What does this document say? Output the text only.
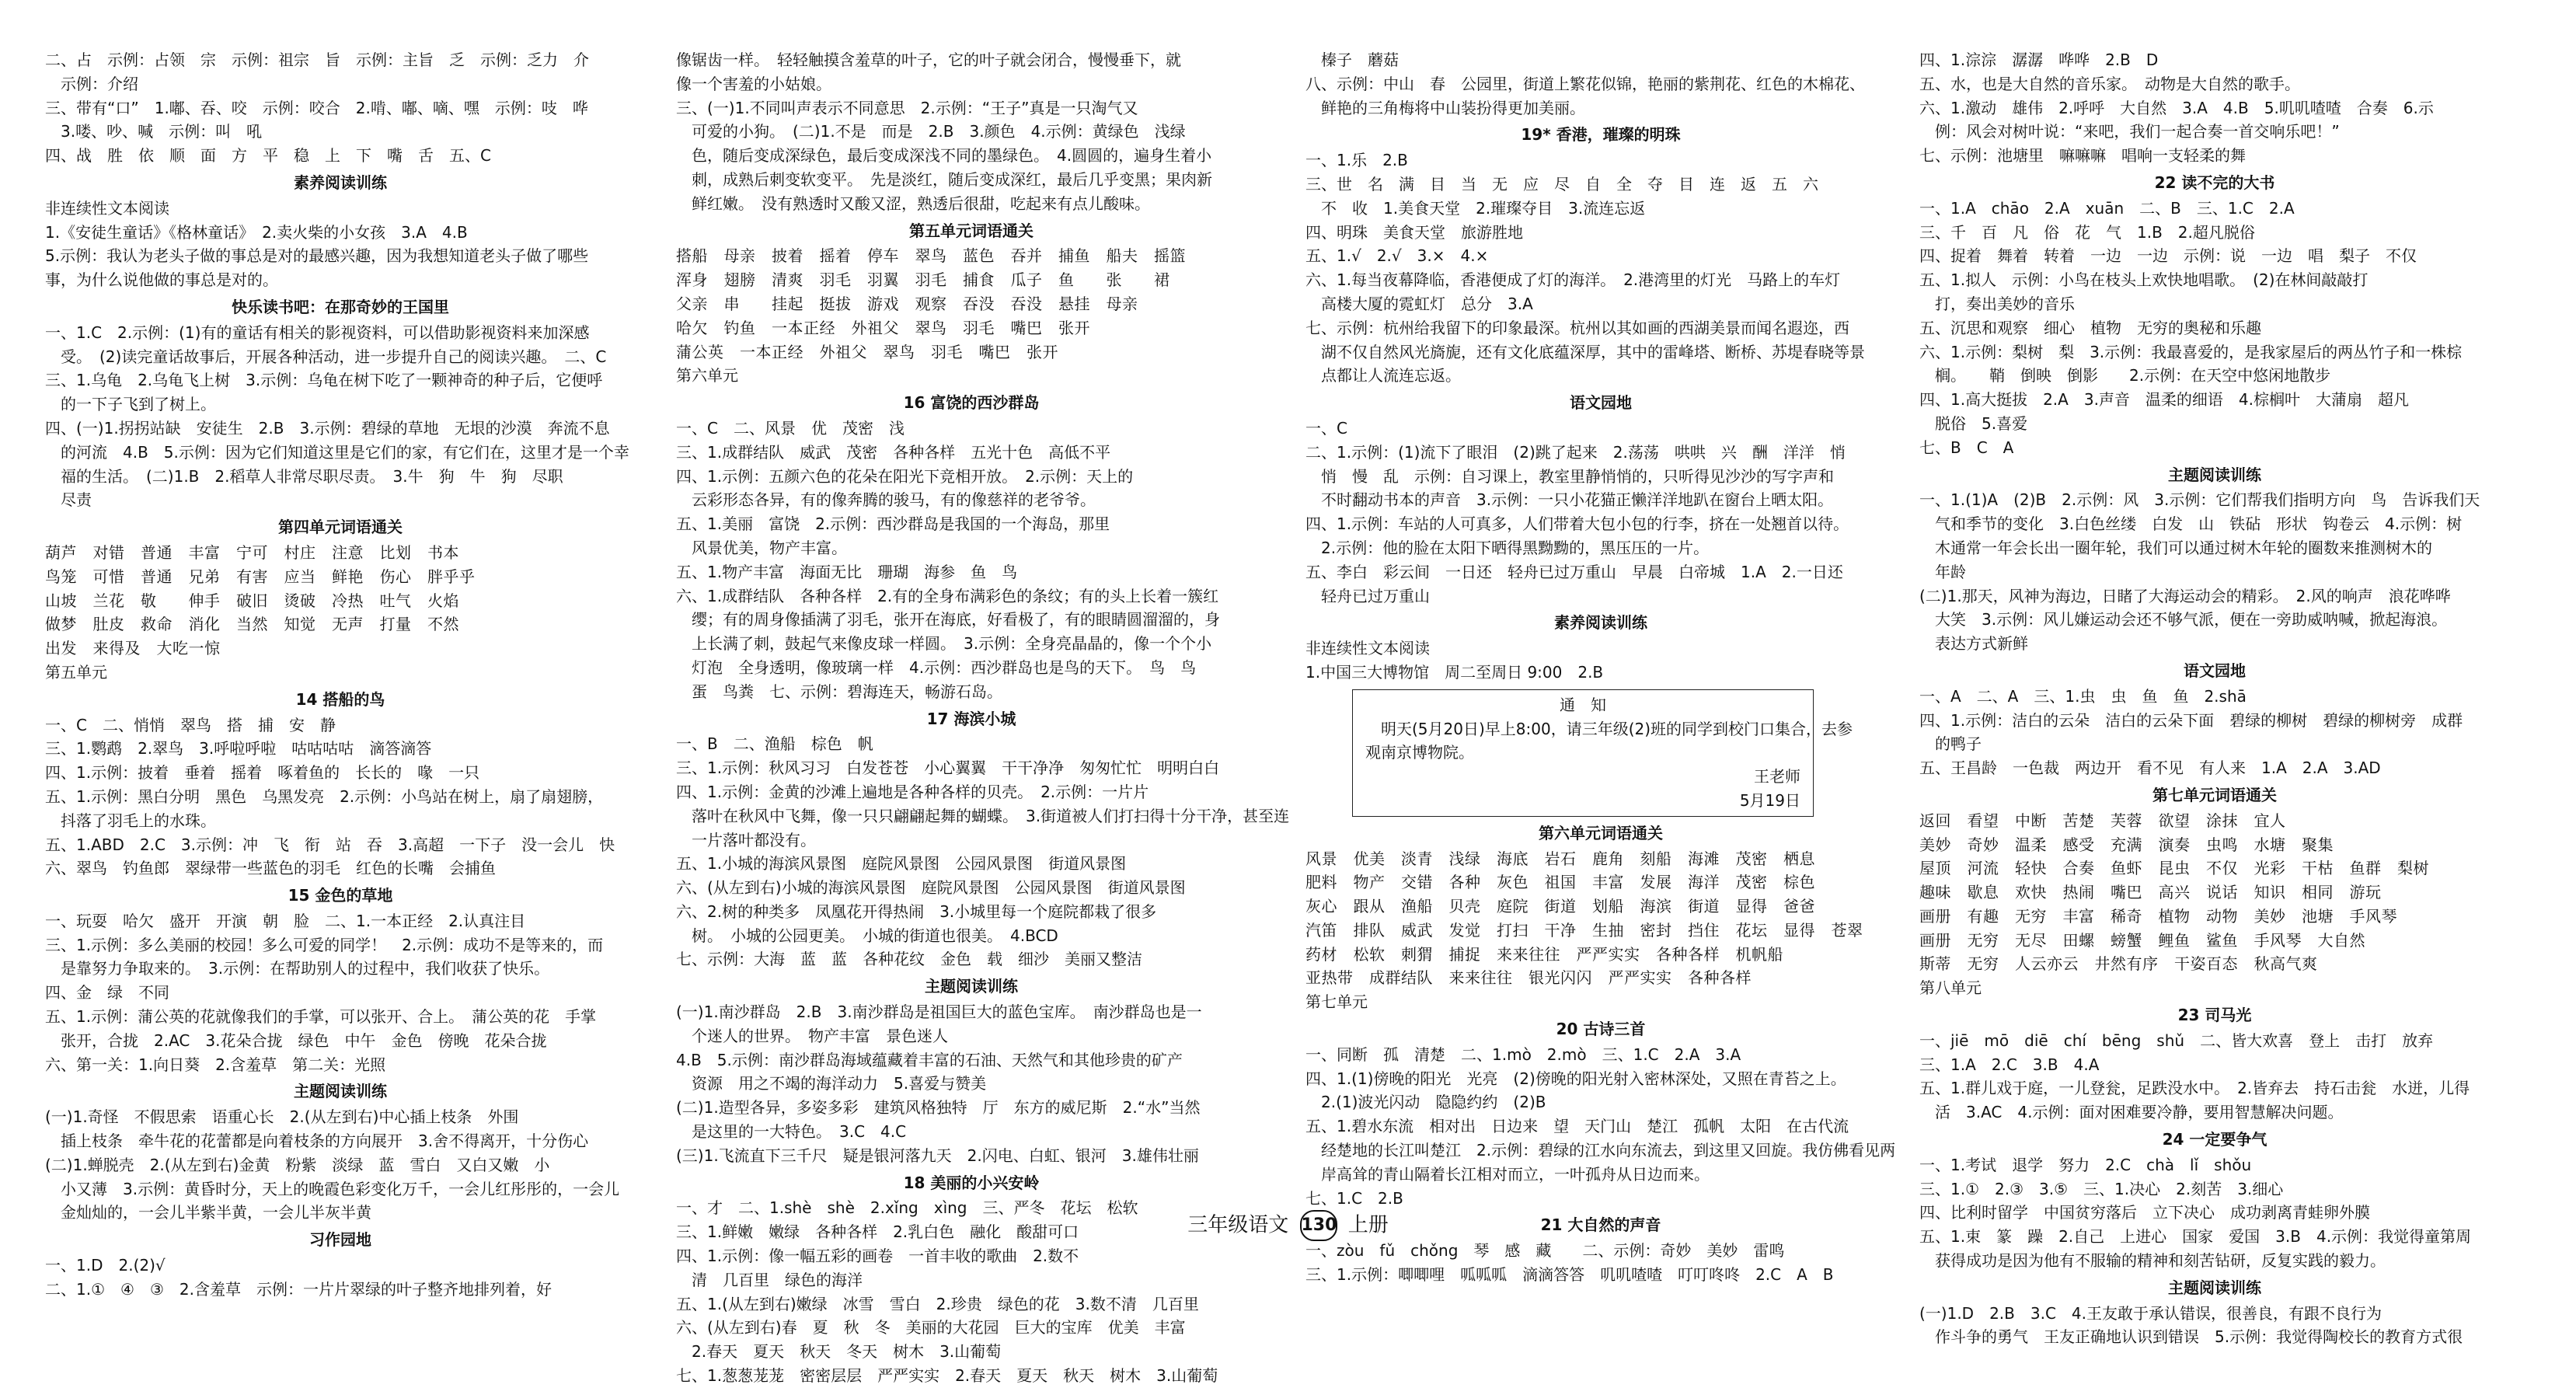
二、占　示例：占领　宗　示例：祖宗　旨　示例：主旨　乏　示例：乏力　介
　示例：介绍
三、带有“口”　1.嘟、吞、咬　示例：咬合　2.啃、嘟、嘀、嘿　示例：吱　哗
　3.喽、吵、喊　示例：叫　吼
四、战　胜　依　顺　面　方　平　稳　上　下　嘴　舌　五、C
素养阅读训练
非连续性文本阅读
1.《安徒生童话》《格林童话》　2.卖火柴的小女孩　3.A　4.B
5.示例：我认为老头子做的事总是对的最感兴趣，因为我想知道老头子做了哪些
事，为什么说他做的事总是对的。
快乐读书吧：在那奇妙的王国里
一、1.C　2.示例：(1)有的童话有相关的影视资料，可以借助影视资料来加深感
　受。　(2)读完童话故事后，开展各种活动，进一步提升自己的阅读兴趣。　二、C
三、1.乌龟　2.乌龟飞上树　3.示例：乌龟在树下吃了一颗神奇的种子后，它便呼
　的一下子飞到了树上。
四、(一)1.拐拐站缺　安徒生　2.B　3.示例：碧绿的草地　无垠的沙漠　奔流不息
　的河流　4.B　5.示例：因为它们知道这里是它们的家，有它们在，这里才是一个幸
　福的生活。　(二)1.B　2.稻草人非常尽职尽责。　3.牛　狗　牛　狗　尽职
　尽责
第四单元词语通关
葫芦　对错　普通　丰富　宁可　村庄　注意　比划　书本
鸟笼　可惜　普通　兄弟　有害　应当　鲜艳　伤心　胖乎乎
山坡　兰花　敬　　伸手　破旧　烫破　冷热　吐气　火焰
做梦　肚皮　救命　消化　当然　知觉　无声　打量　不然
出发　来得及　大吃一惊
第五单元
14 搭船的鸟
一、C　二、悄悄　翠鸟　搭　捕　安　静
三、1.鹦鹉　2.翠鸟　3.呼啦呼啦　咕咕咕咕　滴答滴答
四、1.示例：披着　垂着　摇着　啄着鱼的　长长的　喙　一只
五、1.示例：黑白分明　黑色　乌黑发亮　2.示例：小鸟站在树上，扇了扇翅膀，
　抖落了羽毛上的水珠。
五、1.ABD　2.C　3.示例：冲　飞　衔　站　吞　3.高超　一下子　没一会儿　快
六、翠鸟　钓鱼郎　翠绿带一些蓝色的羽毛　红色的长嘴　会捕鱼
15 金色的草地
一、玩耍　哈欠　盛开　开演　朝　脸　二、1.一本正经　2.认真注目
三、1.示例：多么美丽的校园！多么可爱的同学！　2.示例：成功不是等来的，而
　是靠努力争取来的。　3.示例：在帮助别人的过程中，我们收获了快乐。
四、金　绿　不同
五、1.示例：蒲公英的花就像我们的手掌，可以张开、合上。　蒲公英的花　手掌
　张开，合拢　2.AC　3.花朵合拢　绿色　中午　金色　傍晚　花朵合拢
六、第一关：1.向日葵　2.含羞草　第二关：光照
主题阅读训练
(一)1.奇怪　不假思索　语重心长　2.(从左到右)中心插上枝条　外围
　插上枝条　牵牛花的花蕾都是向着枝条的方向展开　3.舍不得离开，十分伤心
(二)1.蝉脱壳　2.(从左到右)金黄　粉紫　淡绿　蓝　雪白　又白又嫩　小
　小又薄　3.示例：黄昏时分，天上的晚霞色彩变化万千，一会儿红彤彤的，一会儿
　金灿灿的，一会儿半紫半黄，一会儿半灰半黄
习作园地
一、1.D　2.(2)√
二、1.①　④　③　2.含羞草　示例：一片片翠绿的叶子整齐地排列着，好
像锯齿一样。　轻轻触摸含羞草的叶子，它的叶子就会闭合，慢慢垂下，就
像一个害羞的小姑娘。
三、(一)1.不同叫声表示不同意思　2.示例：“王子”真是一只淘气又
　可爱的小狗。　(二)1.不是　而是　2.B　3.颜色　4.示例：黄绿色　浅绿
　色，随后变成深绿色，最后变成深浅不同的墨绿色。　4.圆圆的，遍身生着小
　刺，成熟后刺变软变平。　先是淡红，随后变成深红，最后几乎变黑；果肉新
　鲜红嫩。　没有熟透时又酸又涩，熟透后很甜，吃起来有点儿酸味。
第五单元词语通关
搭船　母亲　披着　摇着　停车　翠鸟　蓝色　吞并　捕鱼　船夫　摇篮
浑身　翅膀　清爽　羽毛　羽翼　羽毛　捕食　瓜子　鱼　　张　　裙
父亲　串　　挂起　挺拔　游戏　观察　吞没　吞没　悬挂　母亲
哈欠　钓鱼　一本正经　外祖父　翠鸟　羽毛　嘴巴　张开
蒲公英　一本正经　外祖父　翠鸟　羽毛　嘴巴　张开
第六单元
16 富饶的西沙群岛
一、C　二、风景　优　茂密　浅
三、1.成群结队　威武　茂密　各种各样　五光十色　高低不平
四、1.示例：五颜六色的花朵在阳光下竞相开放。　2.示例：天上的
　云彩形态各异，有的像奔腾的骏马，有的像慈祥的老爷爷。
五、1.美丽　富饶　2.示例：西沙群岛是我国的一个海岛，那里
　风景优美，物产丰富。
五、1.物产丰富　海面无比　珊瑚　海参　鱼　鸟
六、1.成群结队　各种各样　2.有的全身布满彩色的条纹；有的头上长着一簇红
　缨；有的周身像插满了羽毛，张开在海底，好看极了，有的眼睛圆溜溜的，身
　上长满了刺，鼓起气来像皮球一样圆。　3.示例：全身亮晶晶的，像一个个小
　灯泡　全身透明，像玻璃一样　4.示例：西沙群岛也是鸟的天下。　鸟　鸟
　蛋　鸟粪　七、示例：碧海连天，畅游石岛。
17 海滨小城
一、B　二、渔船　棕色　帆
三、1.示例：秋风习习　白发苍苍　小心翼翼　干干净净　匆匆忙忙　明明白白
四、1.示例：金黄的沙滩上遍地是各种各样的贝壳。　2.示例：一片片
　落叶在秋风中飞舞，像一只只翩翩起舞的蝴蝶。　3.街道被人们打扫得十分干净，甚至连
　一片落叶都没有。
五、1.小城的海滨风景图　庭院风景图　公园风景图　街道风景图
六、(从左到右)小城的海滨风景图　庭院风景图　公园风景图　街道风景图
六、2.树的种类多　凤凰花开得热闹　3.小城里每一个庭院都栽了很多
　树。　小城的公园更美。　小城的街道也很美。　4.BCD
七、示例：大海　蓝　蓝　各种花纹　金色　载　细沙　美丽又整洁
主题阅读训练
(一)1.南沙群岛　2.B　3.南沙群岛是祖国巨大的蓝色宝库。　南沙群岛也是一
　个迷人的世界。　物产丰富　景色迷人
4.B　5.示例：南沙群岛海域蕴藏着丰富的石油、天然气和其他珍贵的矿产
　资源　用之不竭的海洋动力　5.喜爱与赞美
(二)1.造型各异，多姿多彩　建筑风格独特　厅　东方的威尼斯　2.“水”当然
　是这里的一大特色。　3.C　4.C
(三)1.飞流直下三千尺　疑是银河落九天　2.闪电、白虹、银河　3.雄伟壮丽
18 美丽的小兴安岭
一、才　二、1.shè　shè　2.xǐng　xìng　三、严冬　花坛　松软
三、1.鲜嫩　嫩绿　各种各样　2.乳白色　融化　酸甜可口
四、1.示例：像一幅五彩的画卷　一首丰收的歌曲　2.数不
　清　几百里　绿色的海洋
五、1.(从左到右)嫩绿　冰雪　雪白　2.珍贵　绿色的花　3.数不清　几百里
六、(从左到右)春　夏　秋　冬　美丽的大花园　巨大的宝库　优美　丰富
　2.春天　夏天　秋天　冬天　树木　3.山葡萄
七、1.葱葱茏茏　密密层层　严严实实　2.春天　夏天　秋天　树木　3.山葡萄
　榛子　蘑菇
八、示例：中山　春　公园里，街道上繁花似锦，艳丽的紫荆花、红色的木棉花、
　鲜艳的三角梅将中山装扮得更加美丽。
19* 香港，璀璨的明珠
一、1.乐　2.B
三、世　名　满　目　当　无　应　尽　自　全　夺　目　连　返　五　六
　不　收　1.美食天堂　2.璀璨夺目　3.流连忘返
四、明珠　美食天堂　旅游胜地
五、1.√　2.√　3.×　4.×
六、1.每当夜幕降临，香港便成了灯的海洋。　2.港湾里的灯光　马路上的车灯
　高楼大厦的霓虹灯　总分　3.A
七、示例：杭州给我留下的印象最深。杭州以其如画的西湖美景而闻名遐迩，西
　湖不仅自然风光旖旎，还有文化底蕴深厚，其中的雷峰塔、断桥、苏堤春晓等景
　点都让人流连忘返。
语文园地
一、C
二、1.示例：(1)流下了眼泪　(2)跳了起来　2.荡荡　哄哄　兴　酬　洋洋　悄
　悄　慢　乱　示例：自习课上，教室里静悄悄的，只听得见沙沙的写字声和
　不时翻动书本的声音　3.示例：一只小花猫正懒洋洋地趴在窗台上晒太阳。
四、1.示例：车站的人可真多，人们带着大包小包的行李，挤在一处翘首以待。
　2.示例：他的脸在太阳下晒得黑黝黝的，黑压压的一片。
五、李白　彩云间　一日还　轻舟已过万重山　早晨　白帝城　1.A　2.一日还
　轻舟已过万重山
素养阅读训练
非连续性文本阅读
1.中国三大博物馆　周二至周日 9:00　2.B
通　知
　明天(5月20日)早上8:00，请三年级(2)班的同学到校门口集合，去参
观南京博物院。
王老师
5月19日
第六单元词语通关
风景　优美　淡青　浅绿　海底　岩石　鹿角　刻船　海滩　茂密　栖息
肥料　物产　交错　各种　灰色　祖国　丰富　发展　海洋　茂密　棕色
灰心　跟从　渔船　贝壳　庭院　街道　划船　海滨　街道　显得　爸爸
汽笛　排队　威武　发觉　打扫　干净　生抽　密封　挡住　花坛　显得　苍翠
药材　松软　刺猬　捕捉　来来往往　严严实实　各种各样　机帆船
亚热带　成群结队　来来往往　银光闪闪　严严实实　各种各样
第七单元
20 古诗三首
一、同断　孤　清楚　二、1.mò　2.mò　三、1.C　2.A　3.A
四、1.(1)傍晚的阳光　光亮　(2)傍晚的阳光射入密林深处，又照在青苔之上。
　2.(1)波光闪动　隐隐约约　(2)B
五、1.碧水东流　相对出　日边来　望　天门山　楚江　孤帆　太阳　在古代流
　经楚地的长江叫楚江　2.示例：碧绿的江水向东流去，到这里又回旋。我仿佛看见两
　岸高耸的青山隔着长江相对而立，一叶孤舟从日边而来。
七、1.C　2.B
21 大自然的声音
一、zòu　fǔ　chǒng　琴　感　藏　　二、示例：奇妙　美妙　雷鸣
三、1.示例：唧唧哩　呱呱呱　滴滴答答　叽叽喳喳　叮叮咚咚　2.C　A　B
四、1.淙淙　潺潺　哗哗　2.B　D
五、水，也是大自然的音乐家。　动物是大自然的歌手。
六、1.激动　雄伟　2.呼呼　大自然　3.A　4.B　5.叽叽喳喳　合奏　6.示
　例：风会对树叶说：“来吧，我们一起合奏一首交响乐吧！”
七、示例：池塘里　嘛嘛嘛　唱响一支轻柔的舞
22 读不完的大书
一、1.A　chāo　2.A　xuān　二、B　三、1.C　2.A
三、千　百　凡　俗　花　气　1.B　2.超凡脱俗
四、捉着　舞着　转着　一边　一边　示例：说　一边　唱　梨子　不仅
五、1.拟人　示例：小鸟在枝头上欢快地唱歌。　(2)在林间敲敲打
　打，奏出美妙的音乐
五、沉思和观察　细心　植物　无穷的奥秘和乐趣
六、1.示例：梨树　梨　3.示例：我最喜爱的，是我家屋后的两丛竹子和一株棕
　榈。　　鞘　倒映　倒影　　2.示例：在天空中悠闲地散步
四、1.高大挺拔　2.A　3.声音　温柔的细语　4.棕榈叶　大蒲扇　超凡
　脱俗　5.喜爱
七、B　C　A
主题阅读训练
一、1.(1)A　(2)B　2.示例：风　3.示例：它们帮我们指明方向　鸟　告诉我们天
　气和季节的变化　3.白色丝缕　白发　山　铁砧　形状　钩卷云　4.示例：树
　木通常一年会长出一圈年轮，我们可以通过树木年轮的圈数来推测树木的
　年龄
(二)1.那天，风神为海边，日睹了大海运动会的精彩。　2.风的响声　浪花哗哗
　大笑　3.示例：风儿嫌运动会还不够气派，便在一旁助威呐喊，掀起海浪。
　表达方式新鲜
语文园地
一、A　二、A　三、1.虫　虫　鱼　鱼　2.shā
四、1.示例：洁白的云朵　洁白的云朵下面　碧绿的柳树　碧绿的柳树旁　成群
　的鸭子
五、王昌龄　一色裁　两边开　看不见　有人来　1.A　2.A　3.AD
第七单元词语通关
返回　看望　中断　苦楚　芙蓉　欲望　涂抹　宜人
美妙　奇妙　温柔　感受　充满　演奏　虫鸣　水塘　聚集
屋顶　河流　轻快　合奏　鱼虾　昆虫　不仅　光彩　干枯　鱼群　梨树
趣味　歇息　欢快　热闹　嘴巴　高兴　说话　知识　相同　游玩
画册　有趣　无穷　丰富　稀奇　植物　动物　美妙　池塘　手风琴
画册　无穷　无尽　田螺　螃蟹　鲤鱼　鲨鱼　手风琴　大自然
斯蒂　无穷　人云亦云　井然有序　干姿百态　秋高气爽
第八单元
23 司马光
一、jiē　mō　diē　chí　bēng　shǔ　二、皆大欢喜　登上　击打　放弃
三、1.A　2.C　3.B　4.A
五、1.群儿戏于庭，一儿登瓮，足跌没水中。　2.皆弃去　持石击瓮　水迸，儿得
　活　3.AC　4.示例：面对困难要冷静，要用智慧解决问题。
24 一定要争气
一、1.考试　退学　努力　2.C　chà　lǐ　shǒu
三、1.①　2.③　3.⑤　三、1.决心　2.刻苦　3.细心
四、比利时留学　中国贫穷落后　立下决心　成功剥离青蛙卵外膜
五、1.束　篆　躁　2.自己　上进心　国家　爱国　3.B　4.示例：我觉得童第周
　获得成功是因为他有不服输的精神和刻苦钻研，反复实践的毅力。
主题阅读训练
(一)1.D　2.B　3.C　4.王友敢于承认错误，很善良，有跟不良行为
　作斗争的勇气　王友正确地认识到错误　5.示例：我觉得陶校长的教育方式很
三年级语文 130 上册
